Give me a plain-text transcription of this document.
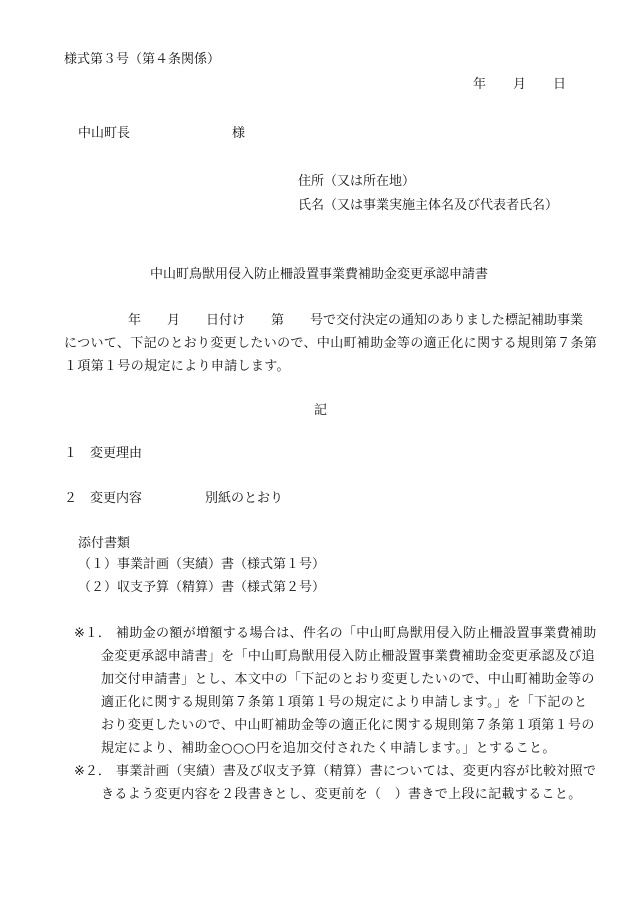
様式第３号（第４条関係）
年 月 日
中山町長	様
住所（又は所在地）
氏名（又は事業実施主体名及び代表者氏名）
中山町鳥獣用侵入防止柵設置事業費補助金変更承認申請書
年 月 日付け 第 号で交付決定の通知のありました標記補助事業
について、下記のとおり変更したいので、中山町補助金等の適正化に関する規則第７条第
１項第１号の規定により申請します。
記
１ 変更理由
２ 変更内容	別紙のとおり
添付書類
（１）事業計画（実績）書（様式第１号）
（２）収支予算（精算）書（様式第２号）
※１． 補助金の額が増額する場合は、件名の「中山町鳥獣用侵入防止柵設置事業費補助
金変更承認申請書」を「中山町鳥獣用侵入防止柵設置事業費補助金変更承認及び追
加交付申請書」とし、本文中の「下記のとおり変更したいので、中山町補助金等の
適正化に関する規則第７条第１項第１号の規定により申請します。」を「下記のと
おり変更したいので、中山町補助金等の適正化に関する規則第７条第１項第１号の
規定により、補助金○○○円を追加交付されたく申請します。」とすること。
※２． 事業計画（実績）書及び収支予算（精算）書については、変更内容が比較対照で
きるよう変更内容を２段書きとし、変更前を（　）書きで上段に記載すること。
